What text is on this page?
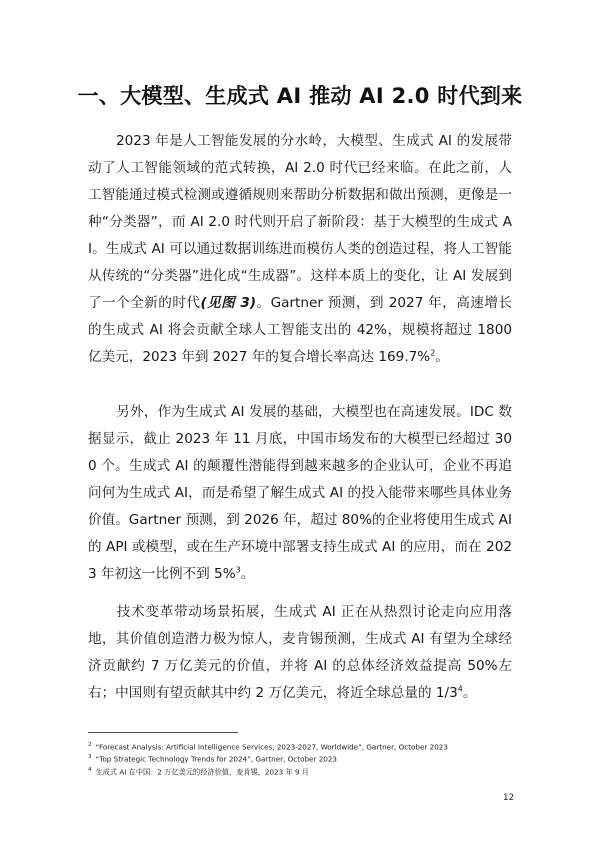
一、大模型、生成式 AI 推动 AI 2.0 时代到来
2023 年是人工智能发展的分水岭，大模型、生成式 AI 的发展带动了人工智能领域的范式转换，AI 2.0 时代已经来临。在此之前，人工智能通过模式检测或遵循规则来帮助分析数据和做出预测，更像是一种“分类器”，而 AI 2.0 时代则开启了新阶段：基于大模型的生成式 AI。生成式 AI 可以通过数据训练进而模仿人类的创造过程，将人工智能从传统的“分类器”进化成“生成器”。这样本质上的变化，让 AI 发展到了一个全新的时代(见图 3)。Gartner 预测，到 2027 年，高速增长的生成式 AI 将会贡献全球人工智能支出的 42%，规模将超过 1800 亿美元，2023 年到 2027 年的复合增长率高达 169.7%$^2$。
另外，作为生成式 AI 发展的基础，大模型也在高速发展。IDC 数据显示，截止 2023 年 11 月底，中国市场发布的大模型已经超过 300 个。生成式 AI 的颠覆性潜能得到越来越多的企业认可，企业不再追问何为生成式 AI，而是希望了解生成式 AI 的投入能带来哪些具体业务价值。Gartner 预测，到 2026 年，超过 80%的企业将使用生成式 AI 的 API 或模型，或在生产环境中部署支持生成式 AI 的应用，而在 2023 年初这一比例不到 5%$^3$。
技术变革带动场景拓展，生成式 AI 正在从热烈讨论走向应用落地，其价值创造潜力极为惊人，麦肯锡预测，生成式 AI 有望为全球经济贡献约 7 万亿美元的价值，并将 AI 的总体经济效益提高 50%左右；中国则有望贡献其中约 2 万亿美元，将近全球总量的 $1/3^4$。
$^2$ “Forecast Analysis: Artificial Intelligence Services, 2023-2027, Worldwide”, Gartner, October 2023
$^3$ “Top Strategic Technology Trends for 2024”, Gartner, October 2023
$^4$ 生成式 AI 在中国：2 万亿美元的经济价值，麦肯锡，2023 年 9 月
12
